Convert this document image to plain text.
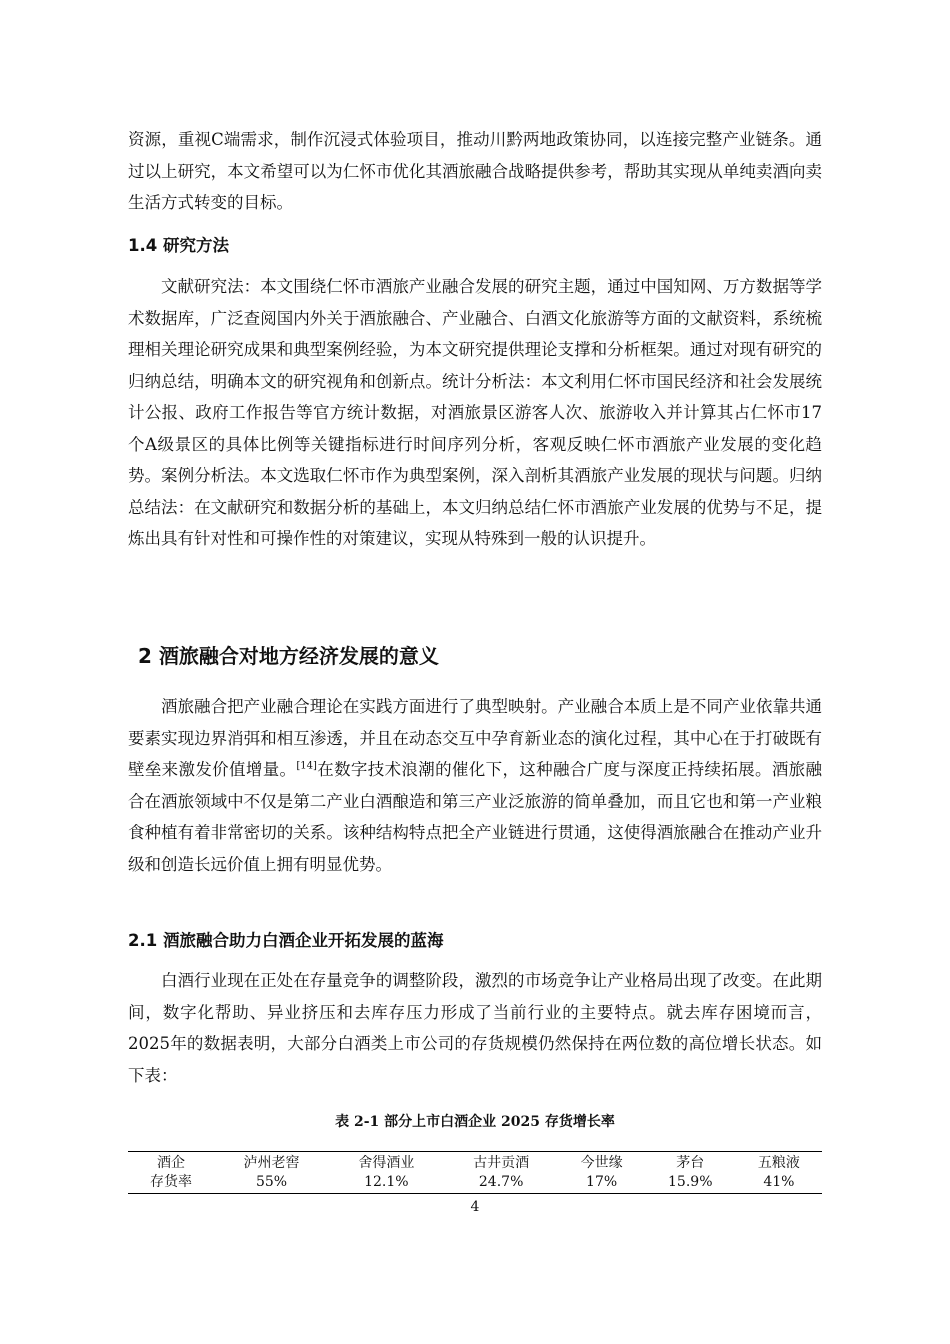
资源，重视C端需求，制作沉浸式体验项目，推动川黔两地政策协同，以连接完整产业链条。通过以上研究，本文希望可以为仁怀市优化其酒旅融合战略提供参考，帮助其实现从单纯卖酒向卖生活方式转变的目标。
1.4 研究方法
文献研究法：本文围绕仁怀市酒旅产业融合发展的研究主题，通过中国知网、万方数据等学术数据库，广泛查阅国内外关于酒旅融合、产业融合、白酒文化旅游等方面的文献资料，系统梳理相关理论研究成果和典型案例经验，为本文研究提供理论支撑和分析框架。通过对现有研究的归纳总结，明确本文的研究视角和创新点。统计分析法：本文利用仁怀市国民经济和社会发展统计公报、政府工作报告等官方统计数据，对酒旅景区游客人次、旅游收入并计算其占仁怀市17个A级景区的具体比例等关键指标进行时间序列分析，客观反映仁怀市酒旅产业发展的变化趋势。案例分析法。本文选取仁怀市作为典型案例，深入剖析其酒旅产业发展的现状与问题。归纳总结法：在文献研究和数据分析的基础上，本文归纳总结仁怀市酒旅产业发展的优势与不足，提炼出具有针对性和可操作性的对策建议，实现从特殊到一般的认识提升。
2 酒旅融合对地方经济发展的意义
酒旅融合把产业融合理论在实践方面进行了典型映射。产业融合本质上是不同产业依靠共通要素实现边界消弭和相互渗透，并且在动态交互中孕育新业态的演化过程，其中心在于打破既有壁垒来激发价值增量。[14]在数字技术浪潮的催化下，这种融合广度与深度正持续拓展。酒旅融合在酒旅领域中不仅是第二产业白酒酿造和第三产业泛旅游的简单叠加，而且它也和第一产业粮食种植有着非常密切的关系。该种结构特点把全产业链进行贯通，这使得酒旅融合在推动产业升级和创造长远价值上拥有明显优势。
2.1 酒旅融合助力白酒企业开拓发展的蓝海
白酒行业现在正处在存量竞争的调整阶段，激烈的市场竞争让产业格局出现了改变。在此期间，数字化帮助、异业挤压和去库存压力形成了当前行业的主要特点。就去库存困境而言，2025年的数据表明，大部分白酒类上市公司的存货规模仍然保持在两位数的高位增长状态。如下表：
表 2-1 部分上市白酒企业 2025 存货增长率
酒企	泸州老窖	舍得酒业	古井贡酒	今世缘	茅台	五粮液
存货率	55%	12.1%	24.7%	17%	15.9%	41%
4
